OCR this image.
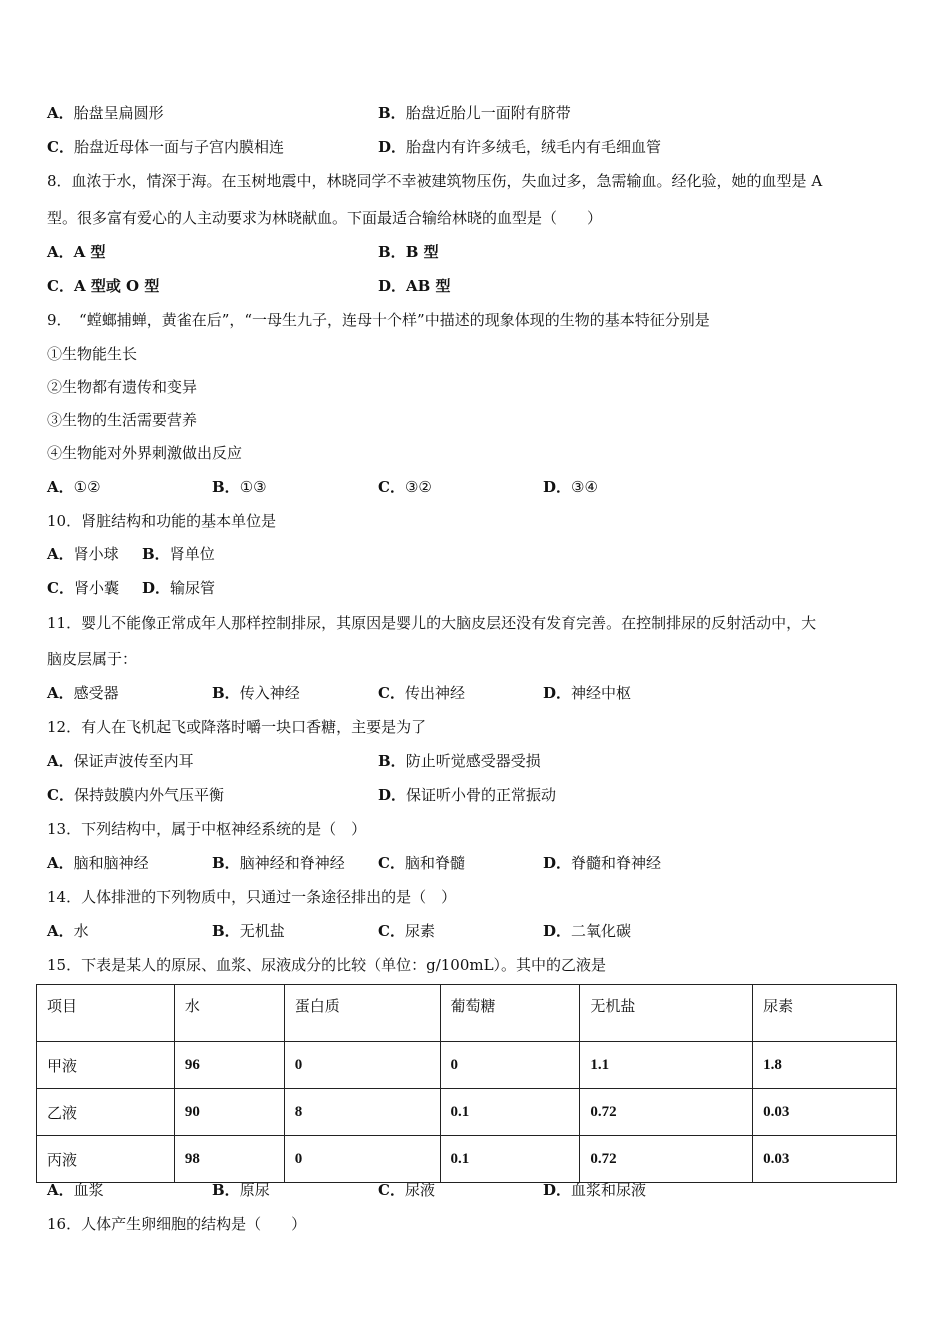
A．胎盘呈扁圆形	B．胎盘近胎儿一面附有脐带
C．胎盘近母体一面与子宫内膜相连	D．胎盘内有许多绒毛，绒毛内有毛细血管
8．血浓于水，情深于海。在玉树地震中，林晓同学不幸被建筑物压伤，失血过多，急需输血。经化验，她的血型是 A
型。很多富有爱心的人主动要求为林晓献血。下面最适合输给林晓的血型是（　　）
A．A 型	B．B 型
C．A 型或 O 型	D．AB 型
9．　“螳螂捕蝉，黄雀在后”，“一母生九子，连母十个样”中描述的现象体现的生物的基本特征分别是
①生物能生长
②生物都有遗传和变异
③生物的生活需要营养
④生物能对外界刺激做出反应
A．①②	B．①③	C．③②	D．③④
10．肾脏结构和功能的基本单位是
A．肾小球 B．肾单位
C．肾小囊 D．输尿管
11．婴儿不能像正常成年人那样控制排尿，其原因是婴儿的大脑皮层还没有发育完善。在控制排尿的反射活动中，大
脑皮层属于：
A．感受器	B．传入神经	C．传出神经	D．神经中枢
12．有人在飞机起飞或降落时嚼一块口香糖，主要是为了
A．保证声波传至内耳	B．防止听觉感受器受损
C．保持鼓膜内外气压平衡	D．保证听小骨的正常振动
13．下列结构中，属于中枢神经系统的是（　）
A．脑和脑神经	B．脑神经和脊神经 C．脑和脊髓	D．脊髓和脊神经
14．人体排泄的下列物质中，只通过一条途径排出的是（　）
A．水	B．无机盐	C．尿素	D．二氧化碳
15．下表是某人的原尿、血浆、尿液成分的比较（单位：g/100mL）。其中的乙液是
项目	水	蛋白质	葡萄糖	无机盐	尿素
甲液	96	0	0	1.1	1.8
乙液	90	8	0.1	0.72	0.03
丙液	98	0	0.1	0.72	0.03
A．血浆	B．原尿	C．尿液	D．血浆和尿液
16．人体产生卵细胞的结构是（　　）
